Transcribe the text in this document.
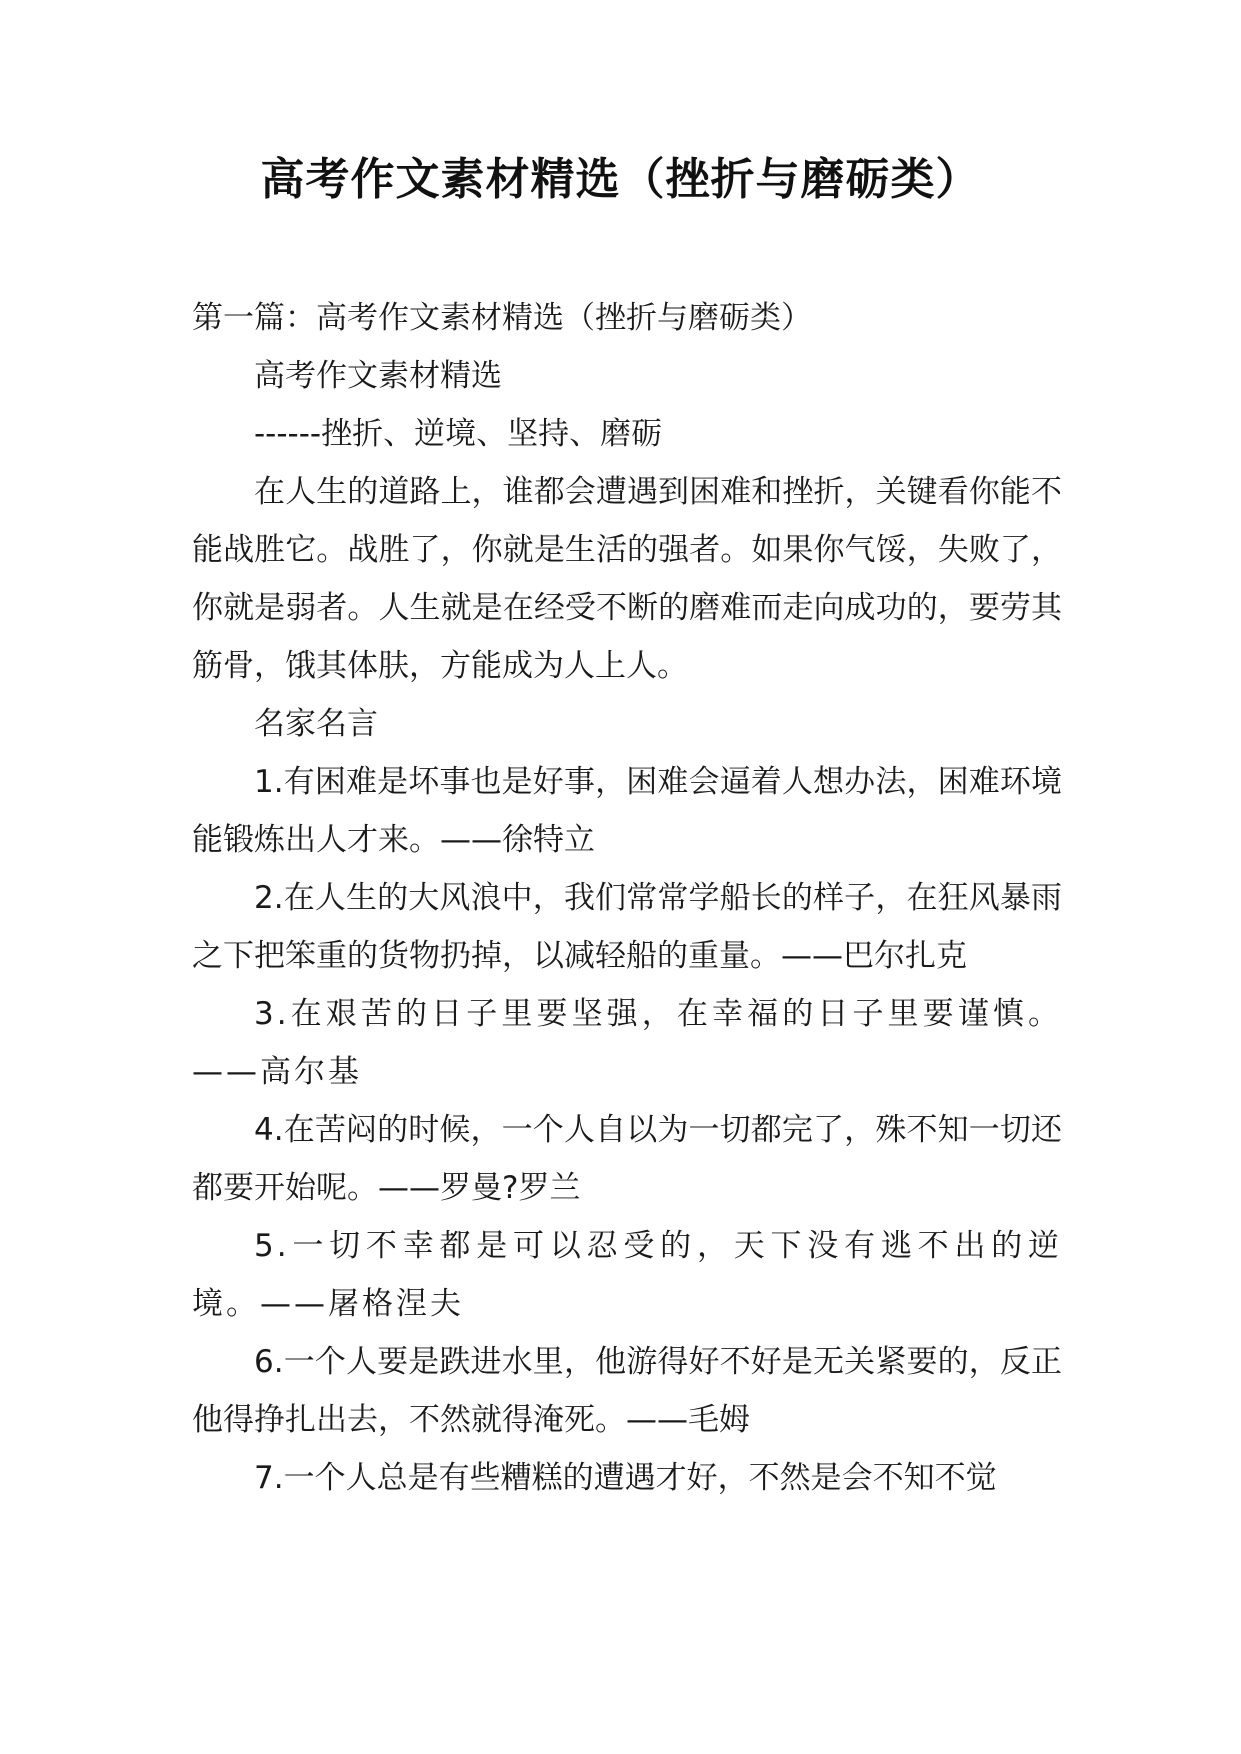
高考作文素材精选（挫折与磨砺类）

第一篇：高考作文素材精选（挫折与磨砺类）

高考作文素材精选

------挫折、逆境、坚持、磨砺

在人生的道路上，谁都会遭遇到困难和挫折，关键看你能不能战胜它。战胜了，你就是生活的强者。如果你气馁，失败了，你就是弱者。人生就是在经受不断的磨难而走向成功的，要劳其筋骨，饿其体肤，方能成为人上人。

名家名言

1.有困难是坏事也是好事，困难会逼着人想办法，困难环境能锻炼出人才来。——徐特立

2.在人生的大风浪中，我们常常学船长的样子，在狂风暴雨之下把笨重的货物扔掉，以减轻船的重量。——巴尔扎克

3.在艰苦的日子里要坚强，在幸福的日子里要谨慎。——高尔基

4.在苦闷的时候，一个人自以为一切都完了，殊不知一切还都要开始呢。——罗曼?罗兰

5.一切不幸都是可以忍受的，天下没有逃不出的逆境。——屠格涅夫

6.一个人要是跌进水里，他游得好不好是无关紧要的，反正他得挣扎出去，不然就得淹死。——毛姆

7.一个人总是有些糟糕的遭遇才好，不然是会不知不觉
